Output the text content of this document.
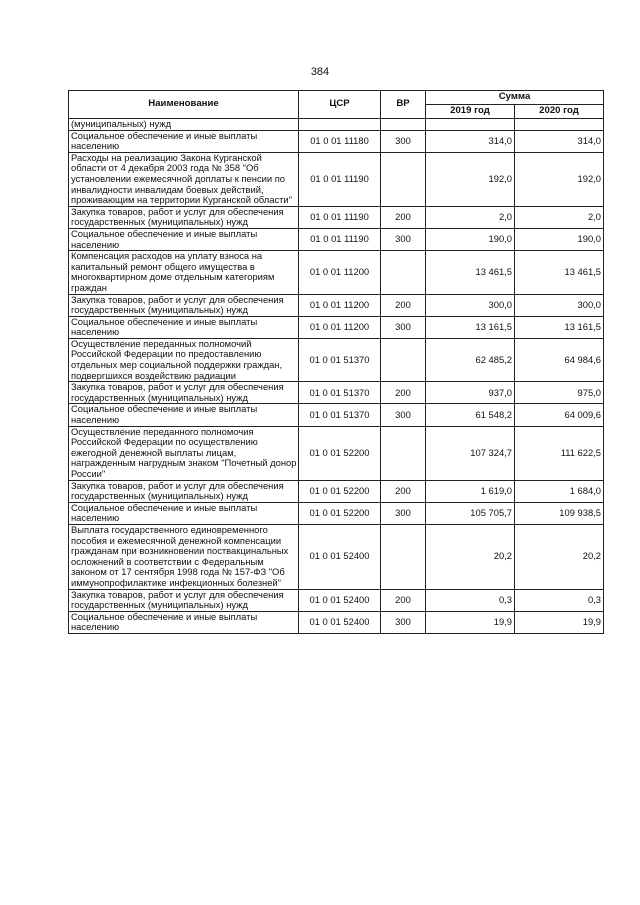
384
Наименование	ЦСР	ВР	Сумма	
			2019 год	2020 год
(муниципальных) нужд				
Социальное обеспечение и иные выплаты населению	01 0 01 11180	300	314,0	314,0
Расходы на реализацию Закона Курганской области от 4 декабря 2003 года № 358 "Об установлении ежемесячной доплаты к пенсии по инвалидности инвалидам боевых действий, проживающим на территории Курганской области"	01 0 01 11190		192,0	192,0
Закупка товаров, работ и услуг для обеспечения государственных (муниципальных) нужд	01 0 01 11190	200	2,0	2,0
Социальное обеспечение и иные выплаты населению	01 0 01 11190	300	190,0	190,0
Компенсация расходов на уплату взноса на капитальный ремонт общего имущества в многоквартирном доме отдельным категориям граждан	01 0 01 11200		13 461,5	13 461,5
Закупка товаров, работ и услуг для обеспечения государственных (муниципальных) нужд	01 0 01 11200	200	300,0	300,0
Социальное обеспечение и иные выплаты населению	01 0 01 11200	300	13 161,5	13 161,5
Осуществление переданных полномочий Российской Федерации по предоставлению отдельных мер социальной поддержки граждан, подвергшихся воздействию радиации	01 0 01 51370		62 485,2	64 984,6
Закупка товаров, работ и услуг для обеспечения государственных (муниципальных) нужд	01 0 01 51370	200	937,0	975,0
Социальное обеспечение и иные выплаты населению	01 0 01 51370	300	61 548,2	64 009,6
Осуществление переданного полномочия Российской Федерации по осуществлению ежегодной денежной выплаты лицам, награжденным нагрудным знаком "Почетный донор России"	01 0 01 52200		107 324,7	111 622,5
Закупка товаров, работ и услуг для обеспечения государственных (муниципальных) нужд	01 0 01 52200	200	1 619,0	1 684,0
Социальное обеспечение и иные выплаты населению	01 0 01 52200	300	105 705,7	109 938,5
Выплата государственного единовременного пособия и ежемесячной денежной компенсации гражданам при возникновении поствакцинальных осложнений в соответствии с Федеральным законом от 17 сентября 1998 года № 157-ФЗ "Об иммунопрофилактике инфекционных болезней"	01 0 01 52400		20,2	20,2
Закупка товаров, работ и услуг для обеспечения государственных (муниципальных) нужд	01 0 01 52400	200	0,3	0,3
Социальное обеспечение и иные выплаты населению	01 0 01 52400	300	19,9	19,9
